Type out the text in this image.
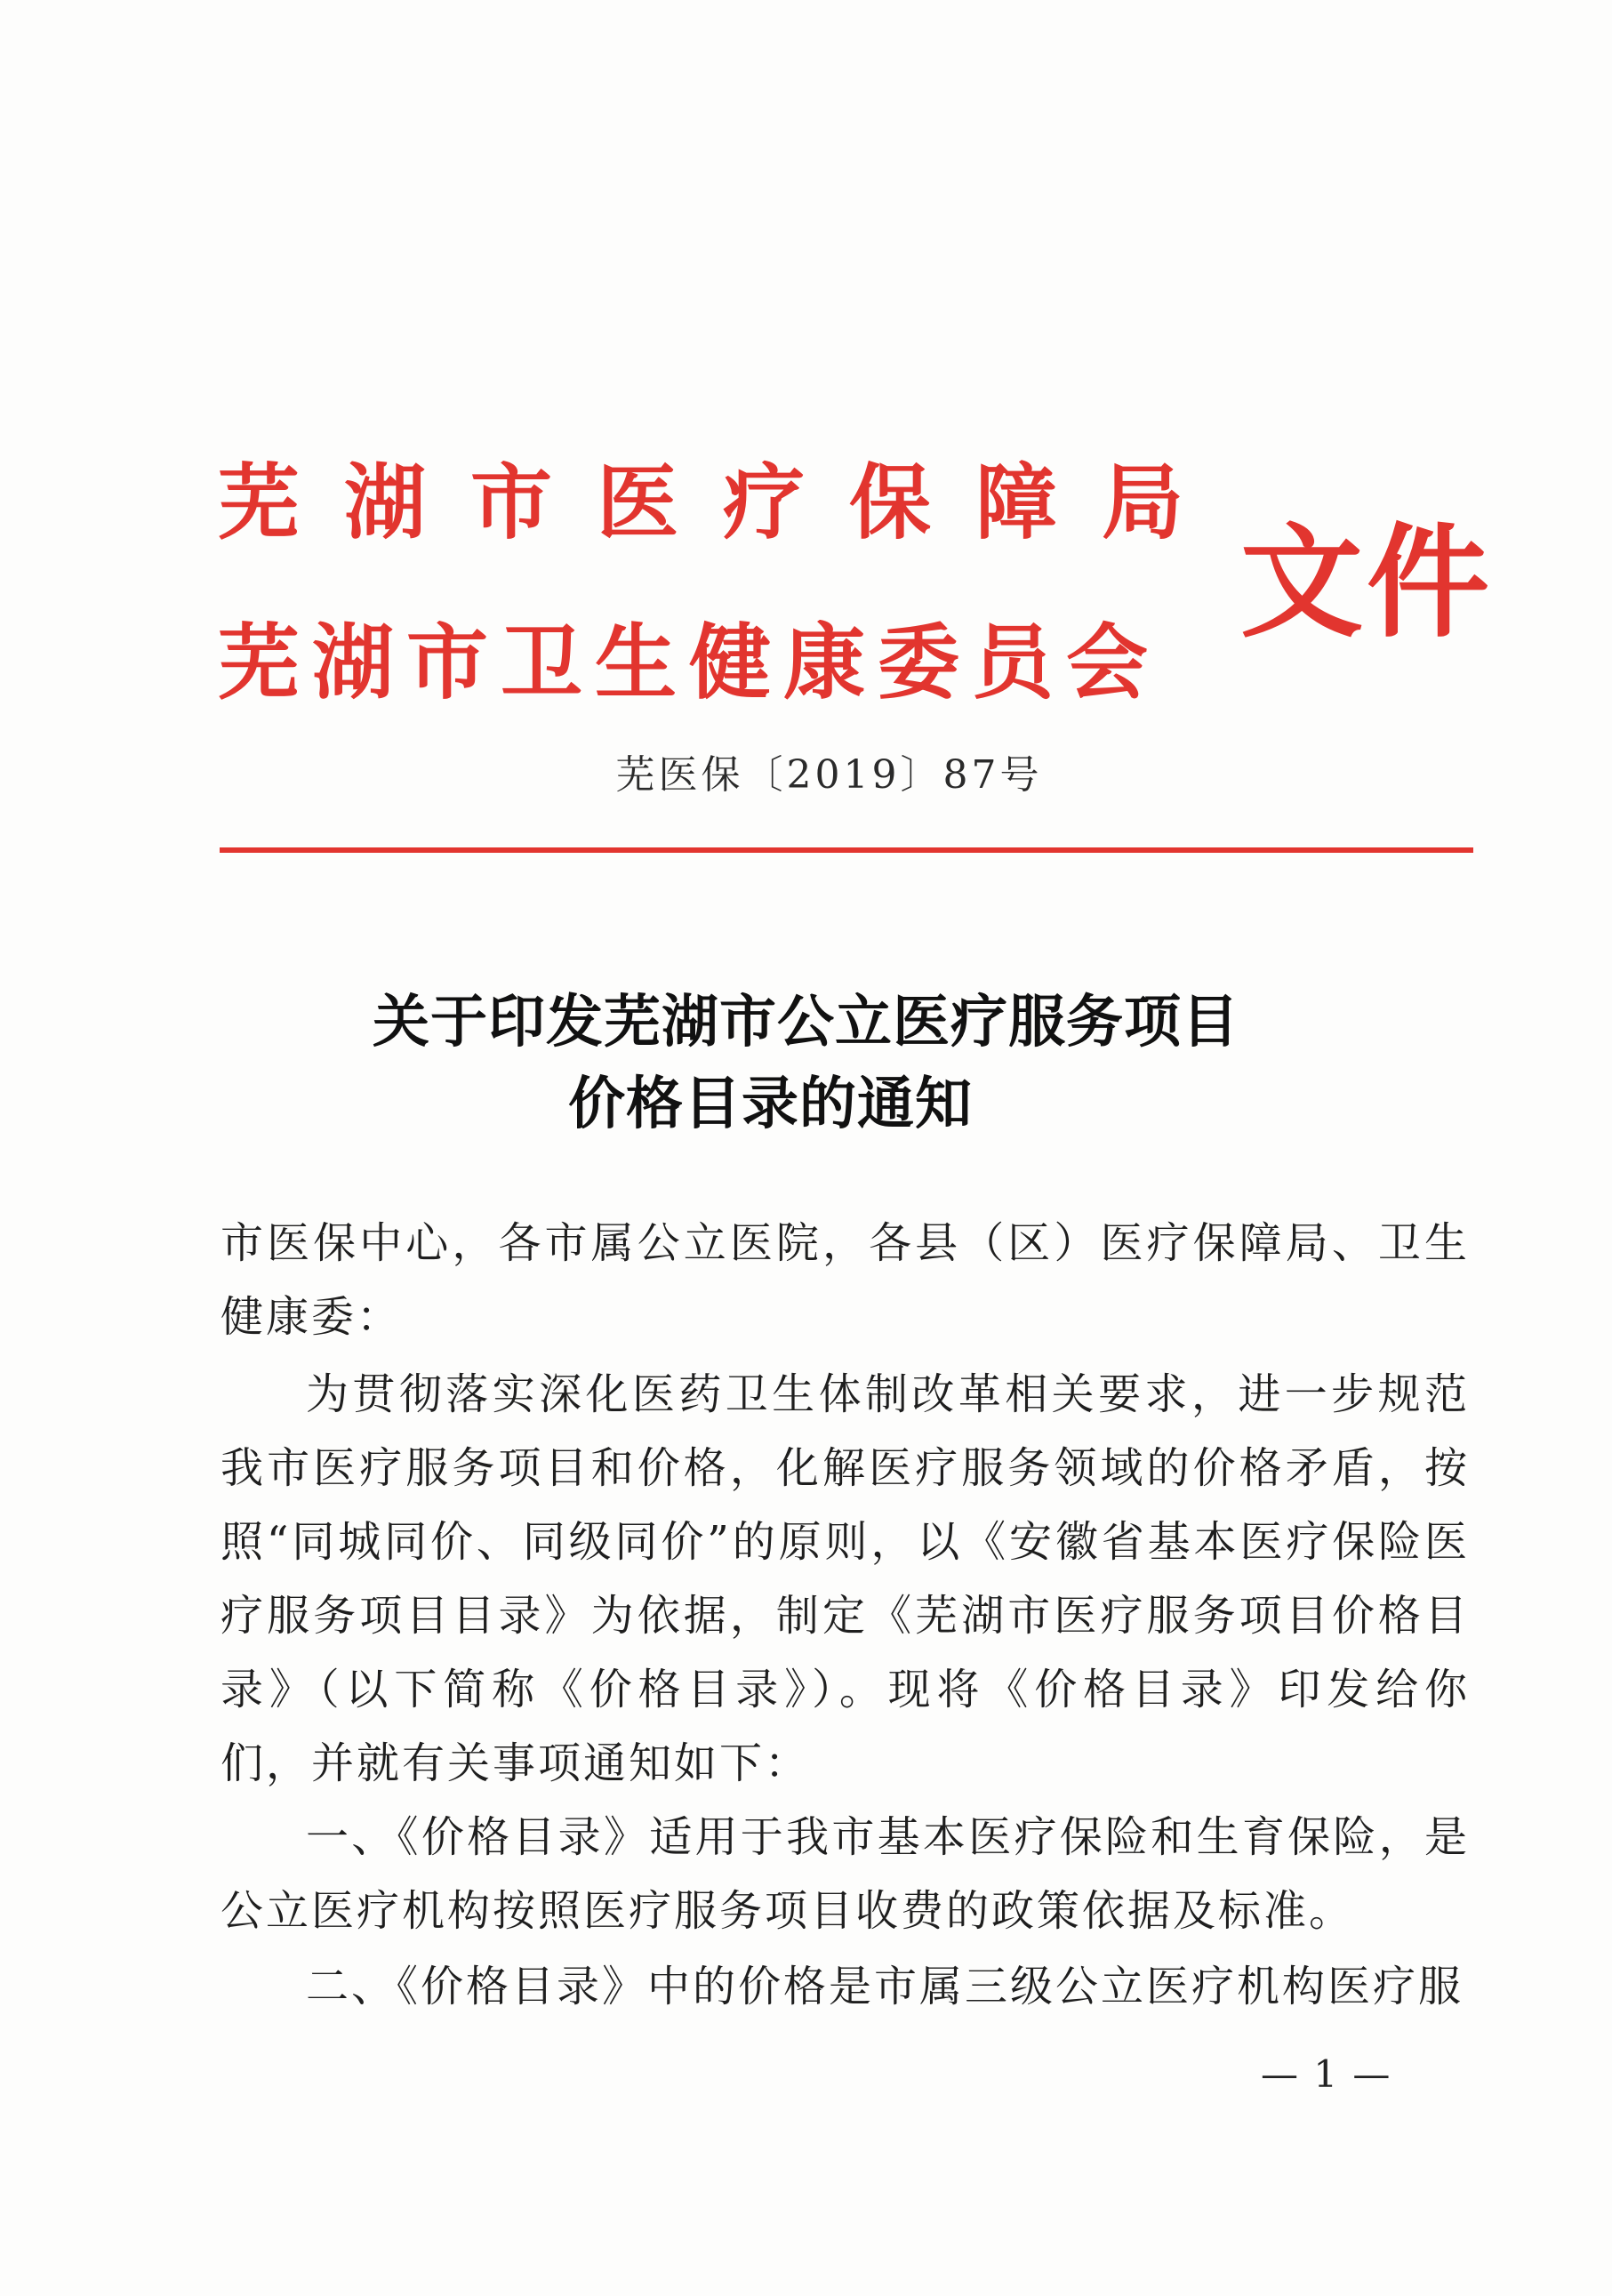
芜湖市医疗保障局
芜湖市卫生健康委员会
文件
芜医保〔2019〕87号
关于印发芜湖市公立医疗服务项目
价格目录的通知

市医保中心，各市属公立医院，各县（区）医疗保障局、卫生健康委：

为贯彻落实深化医药卫生体制改革相关要求，进一步规范我市医疗服务项目和价格，化解医疗服务领域的价格矛盾，按照“同城同价、同级同价”的原则，以《安徽省基本医疗保险医疗服务项目目录》为依据，制定《芜湖市医疗服务项目价格目录》（以下简称《价格目录》）。现将《价格目录》印发给你们，并就有关事项通知如下：

一、《价格目录》适用于我市基本医疗保险和生育保险，是公立医疗机构按照医疗服务项目收费的政策依据及标准。

二、《价格目录》中的价格是市属三级公立医疗机构医疗服

— 1 —
